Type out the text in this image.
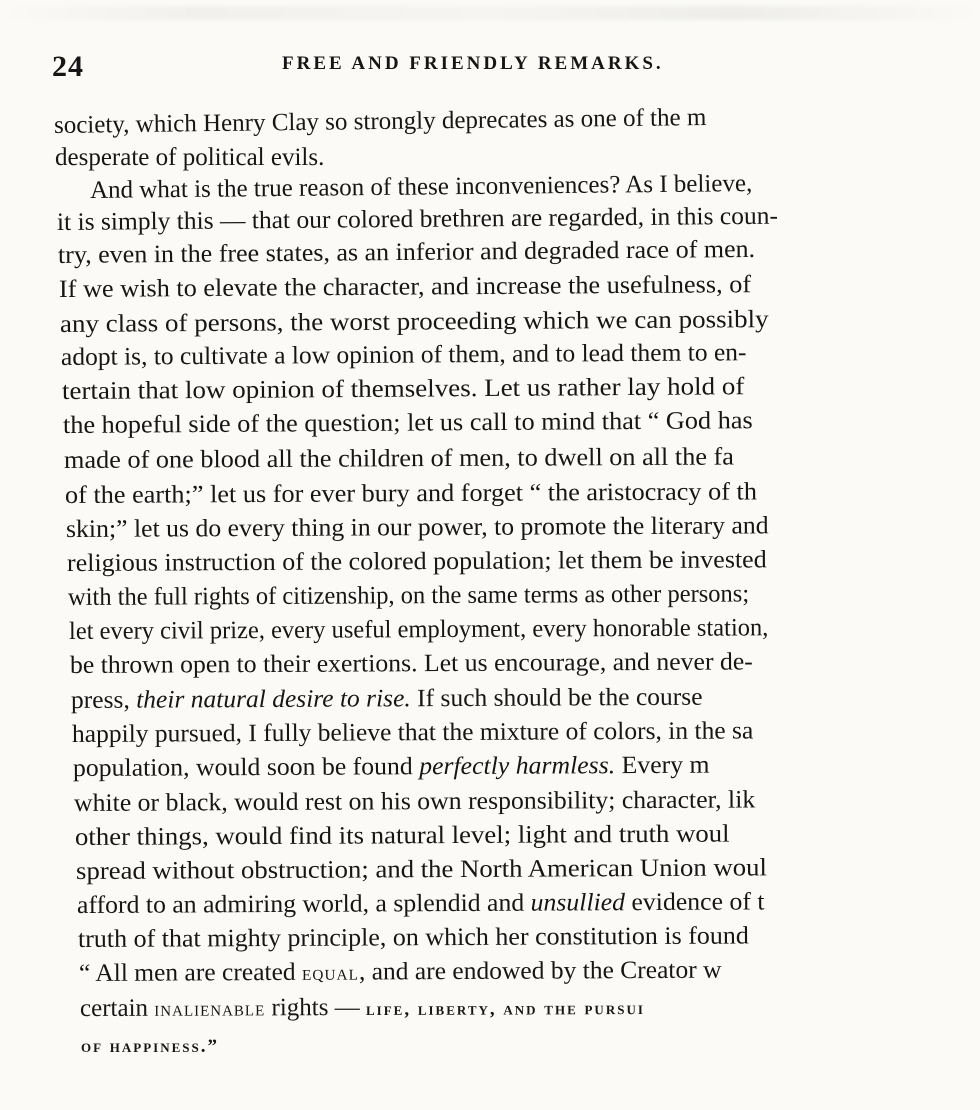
24	FREE AND FRIENDLY REMARKS.
society, which Henry Clay so strongly deprecates as one of the m
desperate of political evils.
And what is the true reason of these inconveniences? As I believe,
it is simply this — that our colored brethren are regarded, in this coun-
try, even in the free states, as an inferior and degraded race of men.
If we wish to elevate the character, and increase the usefulness, of
any class of persons, the worst proceeding which we can possibly
adopt is, to cultivate a low opinion of them, and to lead them to en-
tertain that low opinion of themselves. Let us rather lay hold of
the hopeful side of the question; let us call to mind that “ God has
made of one blood all the children of men, to dwell on all the fa
of the earth;” let us for ever bury and forget “ the aristocracy of th
skin;” let us do every thing in our power, to promote the literary and
religious instruction of the colored population; let them be invested
with the full rights of citizenship, on the same terms as other persons;
let every civil prize, every useful employment, every honorable station,
be thrown open to their exertions. Let us encourage, and never de-
press, their natural desire to rise. If such should be the course
happily pursued, I fully believe that the mixture of colors, in the sa
population, would soon be found perfectly harmless. Every m
white or black, would rest on his own responsibility; character, lik
other things, would find its natural level; light and truth woul
spread without obstruction; and the North American Union woul
afford to an admiring world, a splendid and unsullied evidence of t
truth of that mighty principle, on which her constitution is found
“ All men are created equal, and are endowed by the Creator w
certain inalienable rights — life, liberty, and the pursui
of happiness.”
